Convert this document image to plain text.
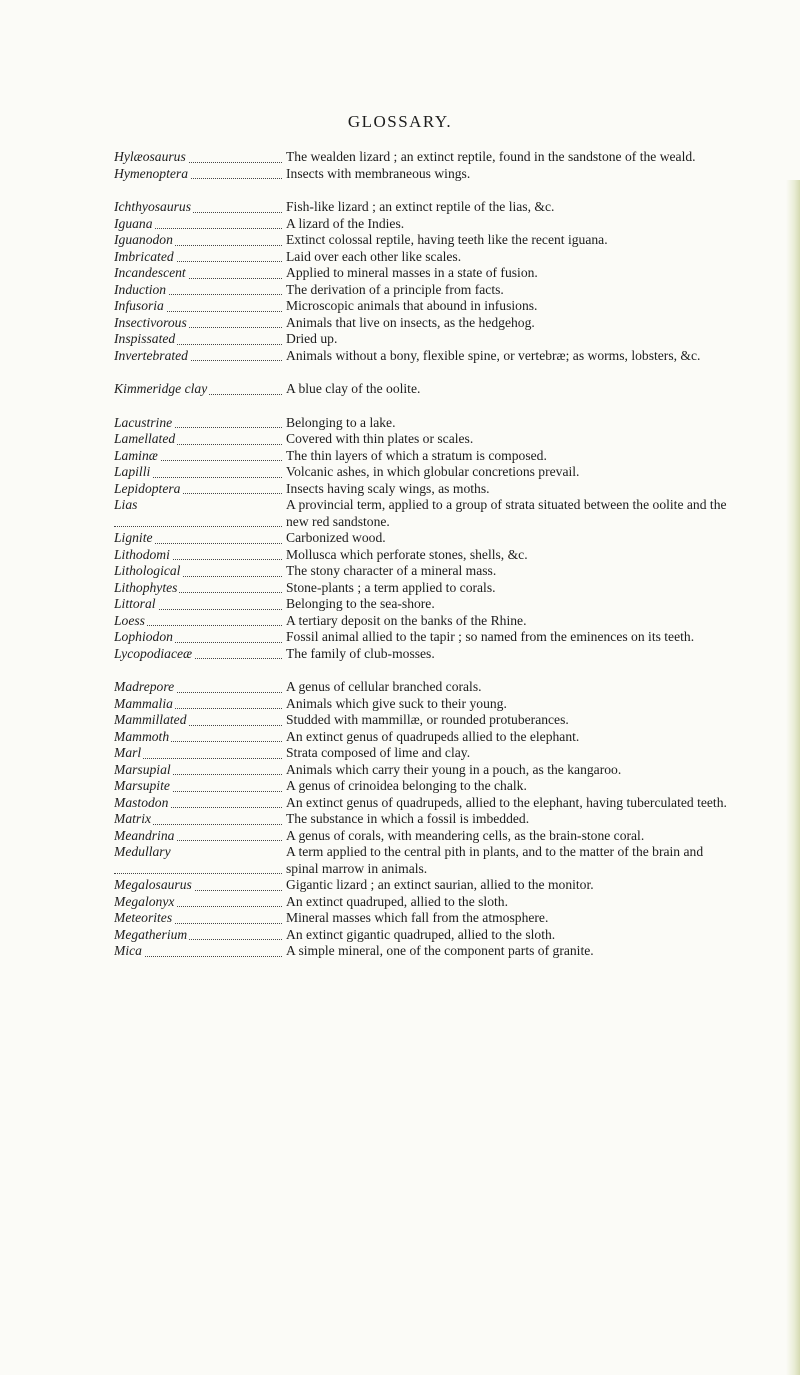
GLOSSARY.
Hylæosaurus	The wealden lizard ; an extinct reptile, found in the sandstone of the weald.
Hymenoptera	Insects with membraneous wings.
Ichthyosaurus	Fish-like lizard ; an extinct reptile of the lias, &c.
Iguana	A lizard of the Indies.
Iguanodon	Extinct colossal reptile, having teeth like the recent iguana.
Imbricated	Laid over each other like scales.
Incandescent	Applied to mineral masses in a state of fusion.
Induction	The derivation of a principle from facts.
Infusoria	Microscopic animals that abound in infusions.
Insectivorous	Animals that live on insects, as the hedgehog.
Inspissated	Dried up.
Invertebrated	Animals without a bony, flexible spine, or vertebræ; as worms, lobsters, &c.
Kimmeridge clay	A blue clay of the oolite.
Lacustrine	Belonging to a lake.
Lamellated	Covered with thin plates or scales.
Laminæ	The thin layers of which a stratum is composed.
Lapilli	Volcanic ashes, in which globular concretions prevail.
Lepidoptera	Insects having scaly wings, as moths.
Lias	A provincial term, applied to a group of strata situated between the oolite and the new red sandstone.
Lignite	Carbonized wood.
Lithodomi	Mollusca which perforate stones, shells, &c.
Lithological	The stony character of a mineral mass.
Lithophytes	Stone-plants ; a term applied to corals.
Littoral	Belonging to the sea-shore.
Loess	A tertiary deposit on the banks of the Rhine.
Lophiodon	Fossil animal allied to the tapir ; so named from the eminences on its teeth.
Lycopodiaceæ	The family of club-mosses.
Madrepore	A genus of cellular branched corals.
Mammalia	Animals which give suck to their young.
Mammillated	Studded with mammillæ, or rounded protuberances.
Mammoth	An extinct genus of quadrupeds allied to the elephant.
Marl	Strata composed of lime and clay.
Marsupial	Animals which carry their young in a pouch, as the kangaroo.
Marsupite	A genus of crinoidea belonging to the chalk.
Mastodon	An extinct genus of quadrupeds, allied to the elephant, having tuberculated teeth.
Matrix	The substance in which a fossil is imbedded.
Meandrina	A genus of corals, with meandering cells, as the brain-stone coral.
Medullary	A term applied to the central pith in plants, and to the matter of the brain and spinal marrow in animals.
Megalosaurus	Gigantic lizard ; an extinct saurian, allied to the monitor.
Megalonyx	An extinct quadruped, allied to the sloth.
Meteorites	Mineral masses which fall from the atmosphere.
Megatherium	An extinct gigantic quadruped, allied to the sloth.
Mica	A simple mineral, one of the component parts of granite.
